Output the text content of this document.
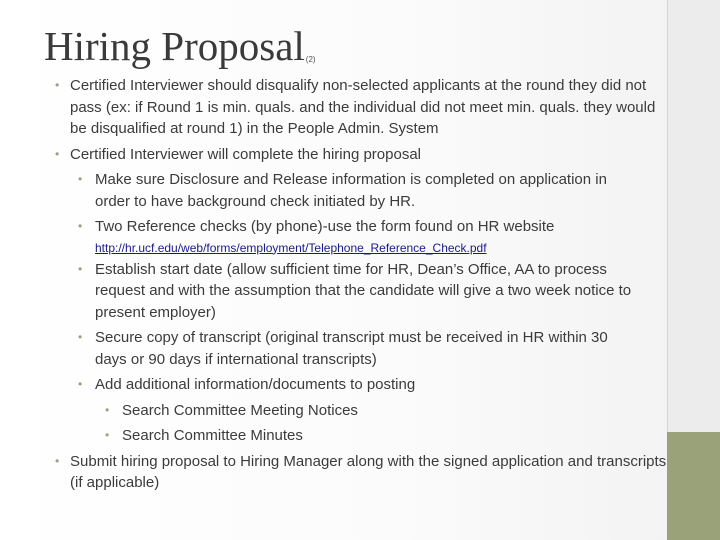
Hiring Proposal(2)
• Certified Interviewer should disqualify non-selected applicants at the round they did not pass (ex: if Round 1 is min. quals. and the individual did not meet min. quals. they would be disqualified at round 1) in the People Admin. System
• Certified Interviewer will complete the hiring proposal
• Make sure Disclosure and Release information is completed on application in order to have background check initiated by HR.
• Two Reference checks (by phone)-use the form found on HR website
http://hr.ucf.edu/web/forms/employment/Telephone_Reference_Check.pdf
• Establish start date (allow sufficient time for HR, Dean’s Office, AA to process request and with the assumption that the candidate will give a two week notice to present employer)
• Secure copy of transcript (original transcript must be received in HR within 30 days or 90 days if international transcripts)
• Add additional information/documents to posting
• Search Committee Meeting Notices
• Search Committee Minutes
• Submit hiring proposal to Hiring Manager along with the signed application and transcripts (if applicable)
